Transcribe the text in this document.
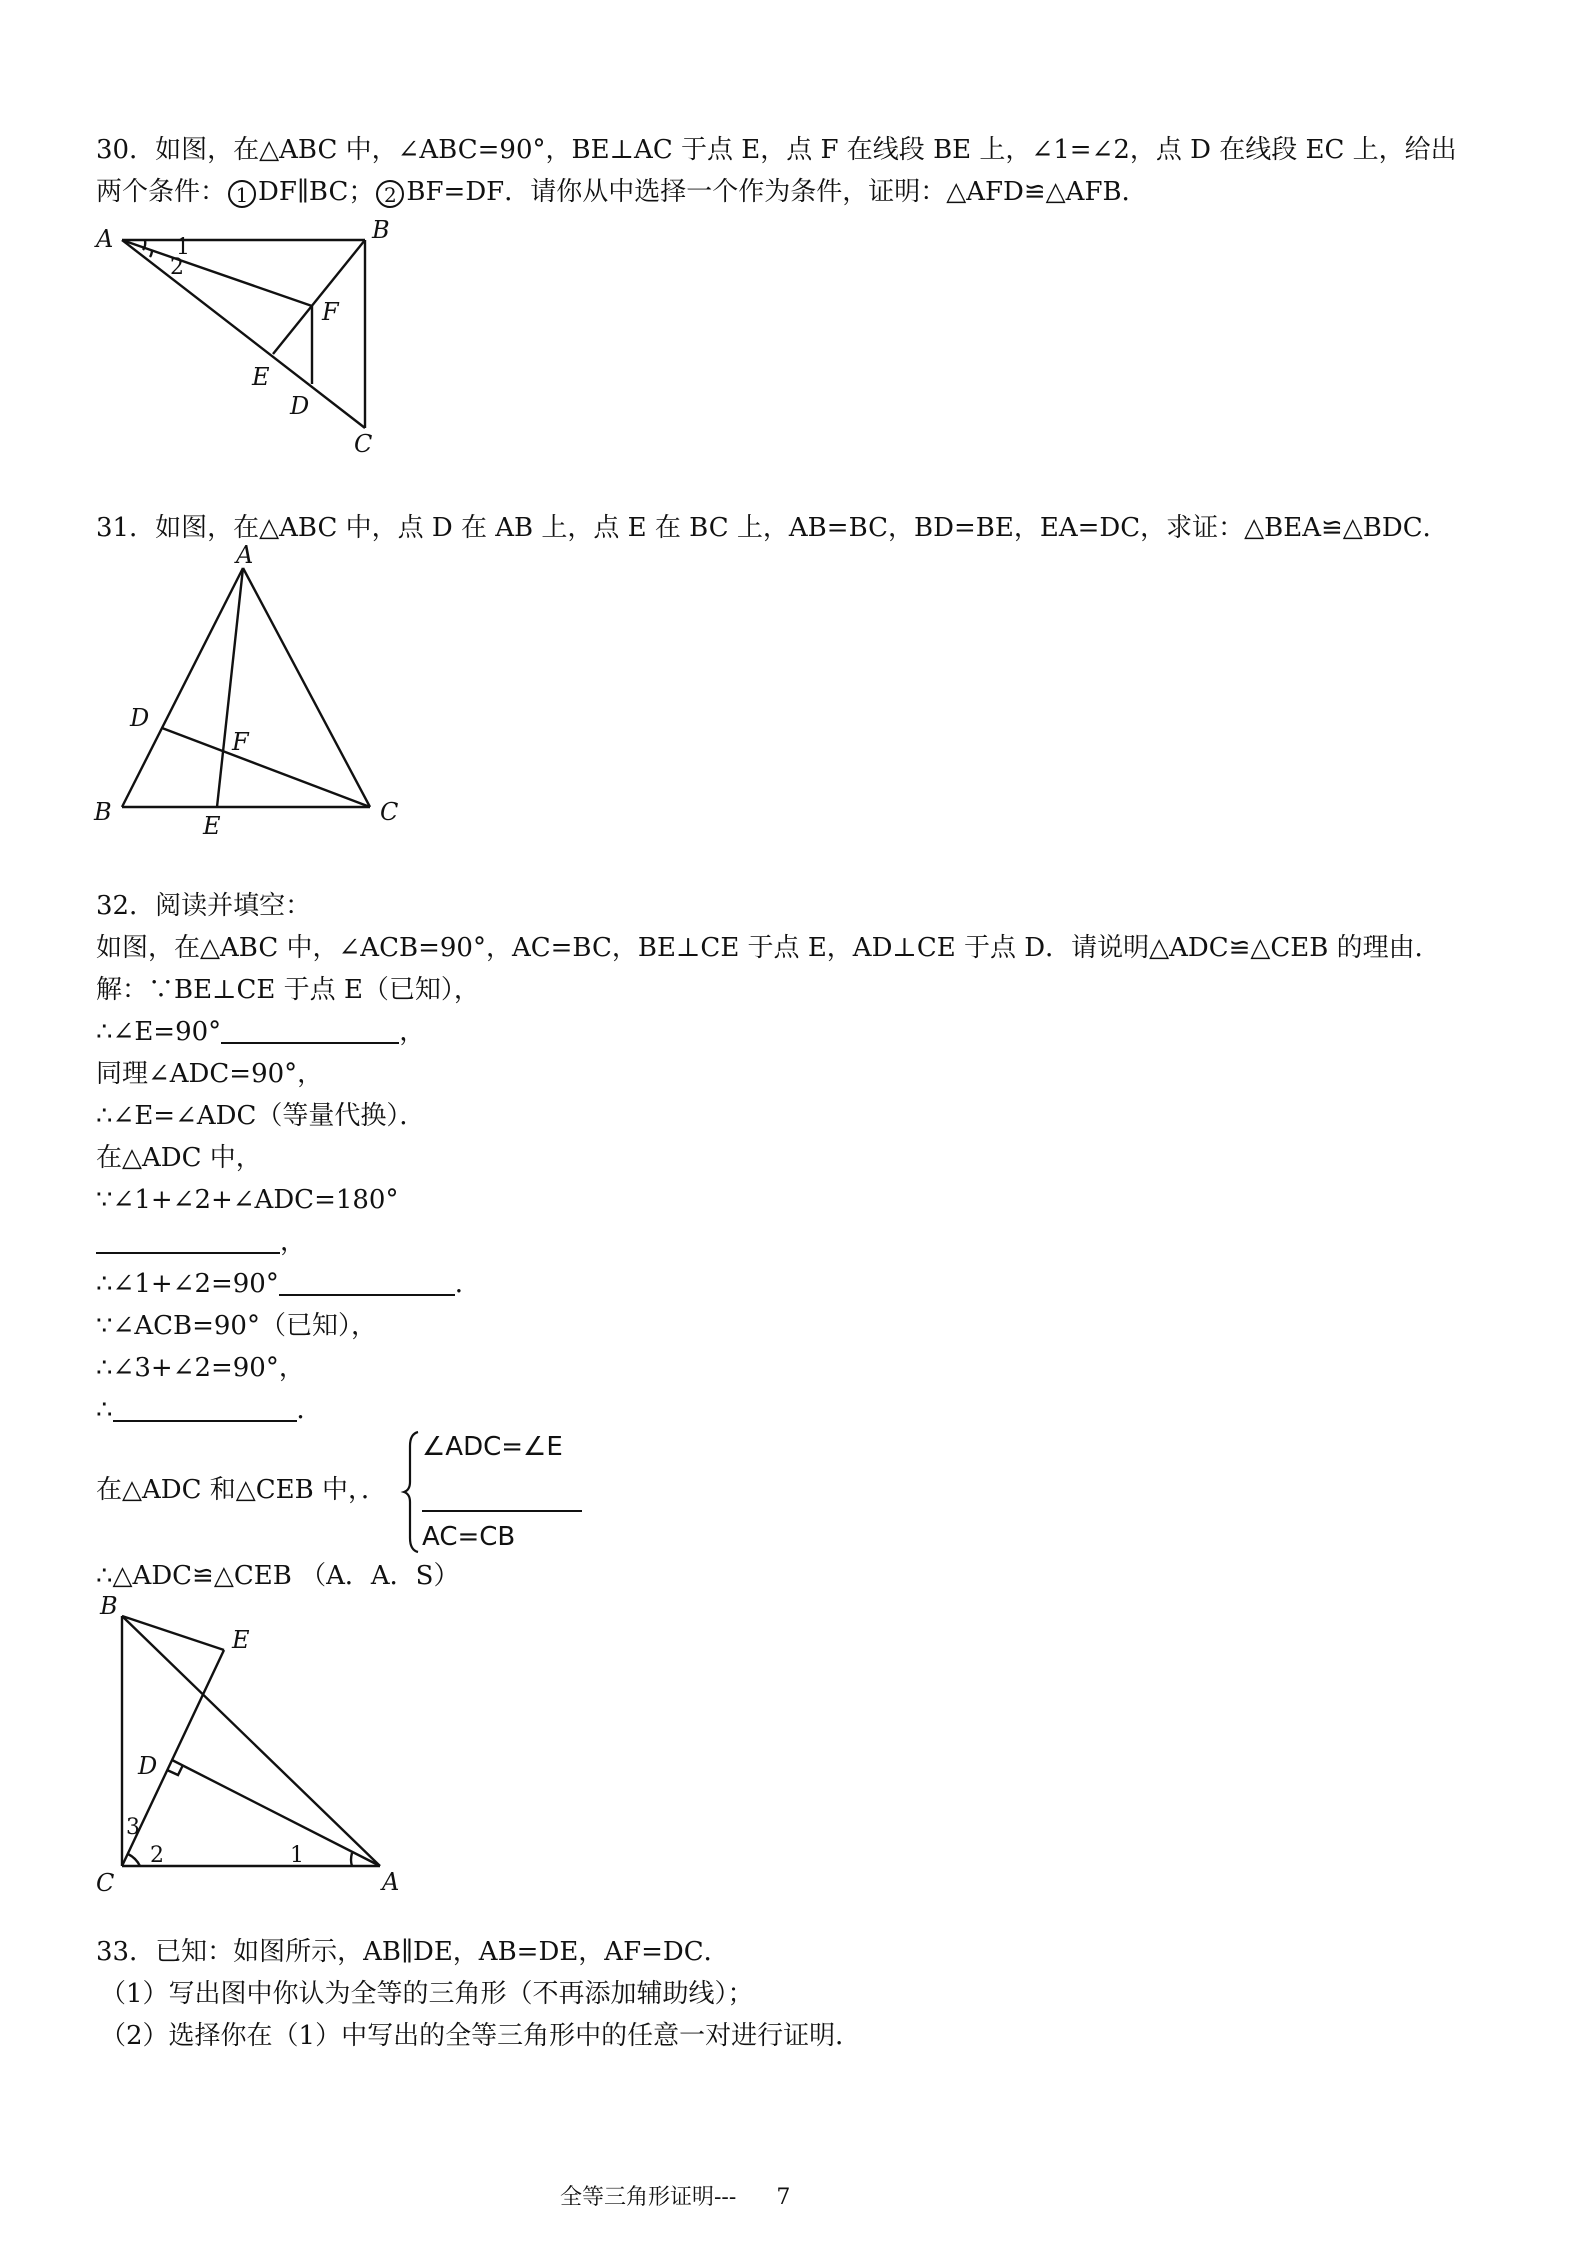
30．如图，在△ABC 中，∠ABC=90°，BE⊥AC 于点 E，点 F 在线段 BE 上，∠1=∠2，点 D 在线段 EC 上，给出
两个条件： 1 DF∥BC； 2 BF=DF．请你从中选择一个作为条件，证明：△AFD≌△AFB．
A	B
C
E
F
D
1
2
31．如图，在△ABC 中，点 D 在 AB 上，点 E 在 BC 上，AB=BC，BD=BE，EA=DC，求证：△BEA≌△BDC．
A
B	C
D
E
F
32．阅读并填空：
如图，在△ABC 中，∠ACB=90°，AC=BC，BE⊥CE 于点 E，AD⊥CE 于点 D．请说明△ADC≌△CEB 的理由．
解：∵BE⊥CE 于点 E（已知），
∴∠E=90°	，
同理∠ADC=90°，
∴∠E=∠ADC（等量代换）．
在△ADC 中，
∵∠1+∠2+∠ADC=180°
，
∴∠1+∠2=90°	．
∵∠ACB=90°（已知），
∴∠3+∠2=90°，
∴	．
在△ADC 和△CEB 中，．
∠ADC=∠E
AC=CB
∴△ADC≌△CEB （A．A．S）
B
E
D
C	A
1
2
3
33．已知：如图所示，AB∥DE，AB=DE，AF=DC．
（1）写出图中你认为全等的三角形（不再添加辅助线）；
（2）选择你在（1）中写出的全等三角形中的任意一对进行证明．
全等三角形证明--- 7
